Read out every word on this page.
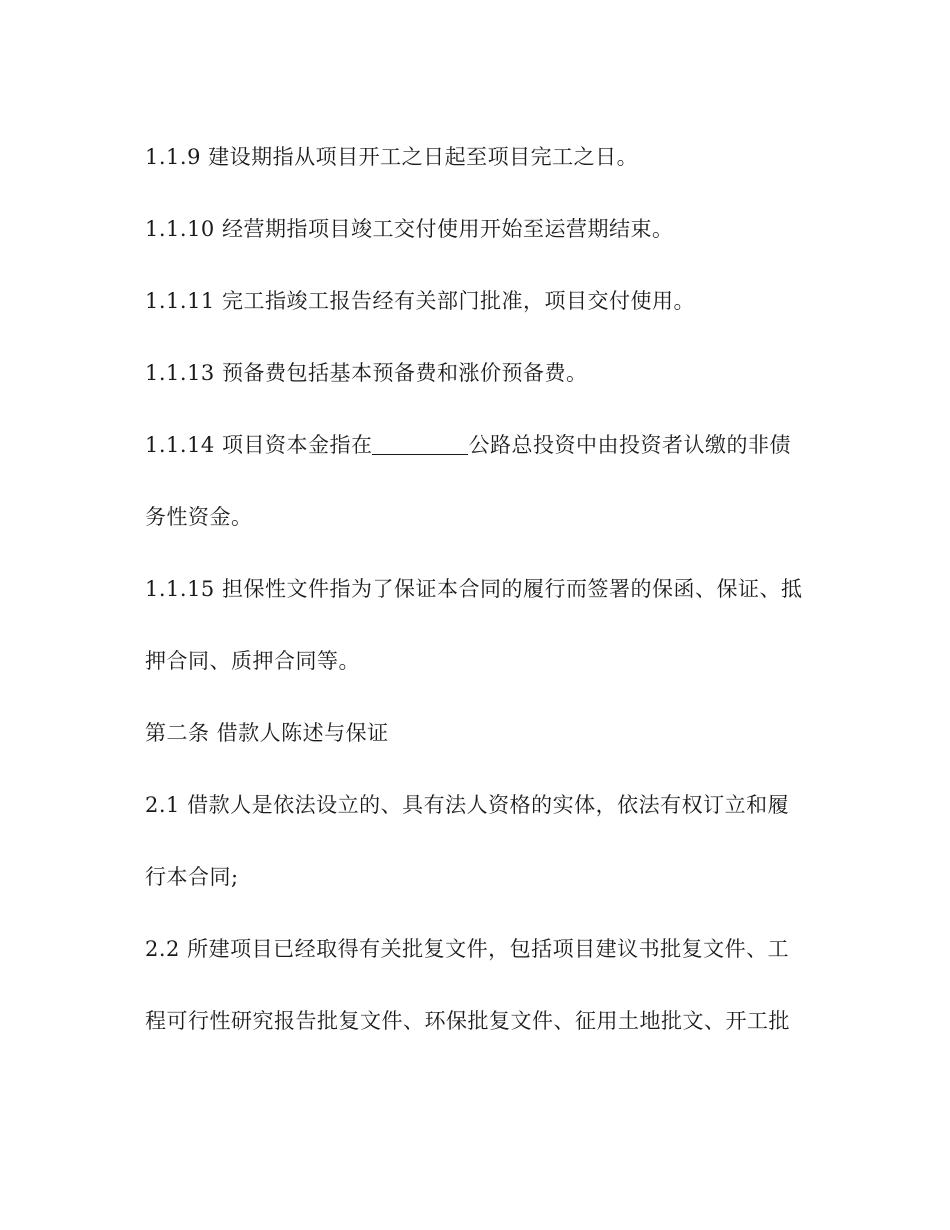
1.1.9 建设期指从项目开工之日起至项目完工之日。
1.1.10 经营期指项目竣工交付使用开始至运营期结束。
1.1.11 完工指竣工报告经有关部门批准，项目交付使用。
1.1.13 预备费包括基本预备费和涨价预备费。
1.1.14 项目资本金指在	公路总投资中由投资者认缴的非债
务性资金。
1.1.15 担保性文件指为了保证本合同的履行而签署的保函、保证、抵
押合同、质押合同等。
第二条 借款人陈述与保证
2.1 借款人是依法设立的、具有法人资格的实体，依法有权订立和履
行本合同;
2.2 所建项目已经取得有关批复文件，包括项目建议书批复文件、工
程可行性研究报告批复文件、环保批复文件、征用土地批文、开工批
